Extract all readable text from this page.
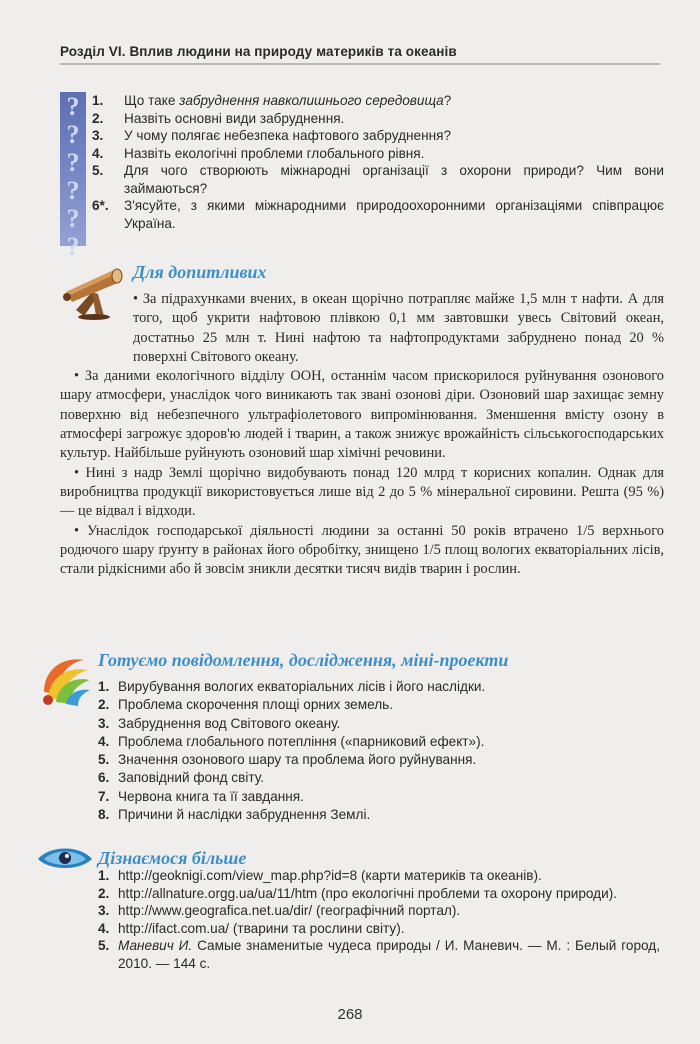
Розділ VI. Вплив людини на природу материків та океанів
?
?
?
?
?
?
1. Що таке забруднення навколишнього середовища?
2. Назвіть основні види забруднення.
3. У чому полягає небезпека нафтового забруднення?
4. Назвіть екологічні проблеми глобального рівня.
5. Для чого створюють міжнародні організації з охорони природи? Чим вони займаються?
6*. З'ясуйте, з якими міжнародними природоохоронними організаціями співпрацює Україна.
Для допитливих

• За підрахунками вчених, в океан щорічно потрапляє майже 1,5 млн т нафти. А для того, щоб укрити нафтовою плівкою 0,1 мм завтовшки увесь Світовий океан, достатньо 25 млн т. Нині нафтою та нафтопродуктами забруднено понад 20 % поверхні Світового океану.

• За даними екологічного відділу ООН, останнім часом прискорилося руйнування озонового шару атмосфери, унаслідок чого виникають так звані озонові діри. Озоновий шар захищає земну поверхню від небезпечного ультрафіолетового випромінювання. Зменшення вмісту озону в атмосфері загрожує здоров'ю людей і тварин, а також знижує врожайність сільськогосподарських культур. Найбільше руйнують озоновий шар хімічні речовини.

• Нині з надр Землі щорічно видобувають понад 120 млрд т корисних копалин. Однак для виробництва продукції використовується лише від 2 до 5 % мінеральної сировини. Решта (95 %) — це відвал і відходи.

• Унаслідок господарської діяльності людини за останні 50 років втрачено 1/5 верхнього родючого шару ґрунту в районах його обробітку, знищено 1/5 площ вологих екваторіальних лісів, стали рідкісними або й зовсім зникли десятки тисяч видів тварин і рослин.

Готуємо повідомлення, дослідження, міні-проекти
1. Вирубування вологих екваторіальних лісів і його наслідки.
2. Проблема скорочення площі орних земель.
3. Забруднення вод Світового океану.
4. Проблема глобального потепління («парниковий ефект»).
5. Значення озонового шару та проблема його руйнування.
6. Заповідний фонд світу.
7. Червона книга та її завдання.
8. Причини й наслідки забруднення Землі.
Дізнаємося більше
1. http://geoknigi.com/view_map.php?id=8 (карти материків та океанів).
2. http://allnature.orgg.ua/ua/11/htm (про екологічні проблеми та охорону природи).
3. http://www.geografica.net.ua/dir/ (географічний портал).
4. http://ifact.com.ua/ (тварини та рослини світу).
5. Маневич И. Самые знаменитые чудеса природы / И. Маневич. — М. : Белый город, 2010. — 144 с.
268
